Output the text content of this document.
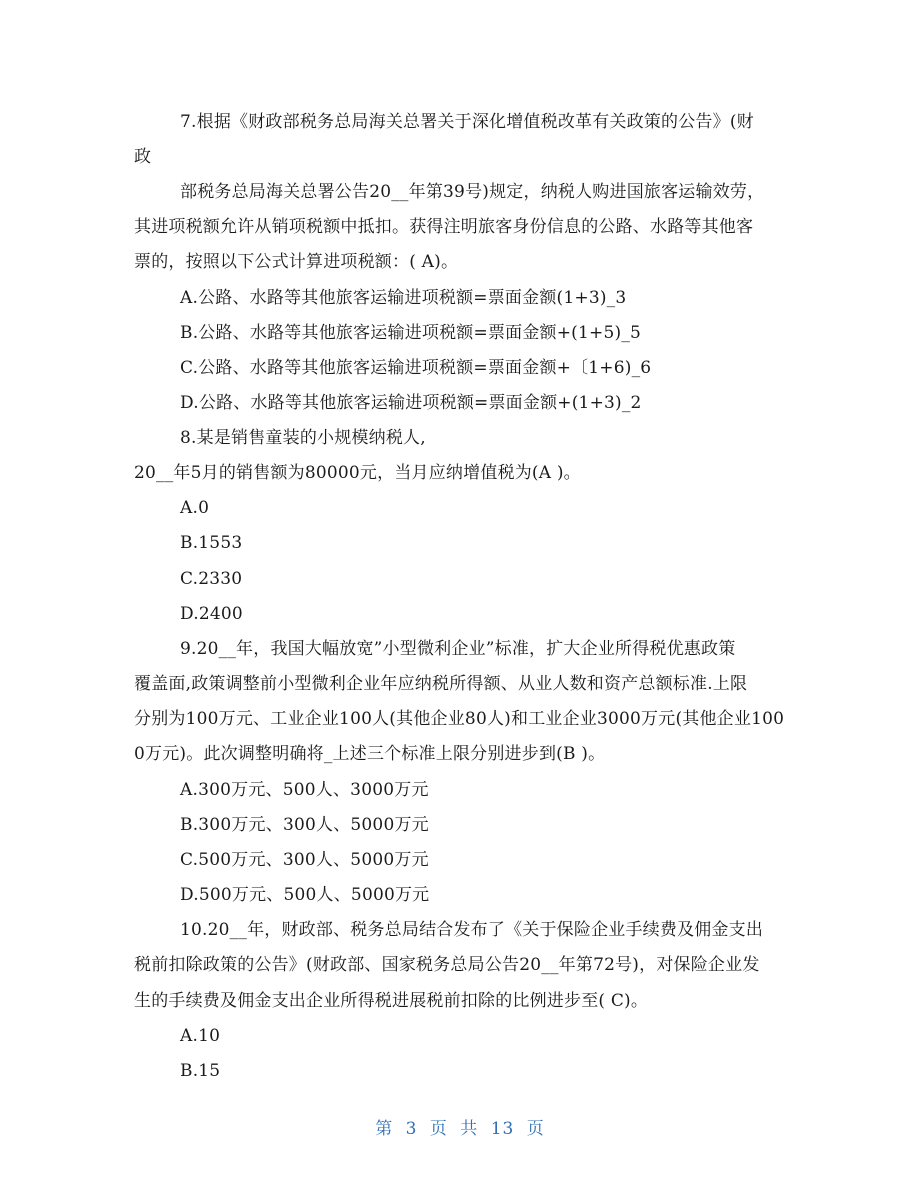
7.根据《财政部税务总局海关总署关于深化增值税改革有关政策的公告》(财
政
部税务总局海关总署公告20__年第39号)规定，纳税人购进国旅客运输效劳，
其进项税额允许从销项税额中抵扣。获得注明旅客身份信息的公路、水路等其他客
票的，按照以下公式计算进项税额：( A)。
A.公路、水路等其他旅客运输进项税额=票面金额(1+3)_3
B.公路、水路等其他旅客运输进项税额=票面金额+(1+5)_5
C.公路、水路等其他旅客运输进项税额=票面金额+〔1+6)_6
D.公路、水路等其他旅客运输进项税额=票面金额+(1+3)_2
8.某是销售童装的小规模纳税人,
20__年5月的销售额为80000元，当月应纳增值税为(A )。
A.0
B.1553
C.2330
D.2400
9.20__年，我国大幅放宽”小型微利企业”标准，扩大企业所得税优惠政策
覆盖面,政策调整前小型微利企业年应纳税所得额、从业人数和资产总额标准.上限
分别为100万元、工业企业100人(其他企业80人)和工业企业3000万元(其他企业100
0万元)。此次调整明确将_上述三个标准上限分别进步到(B )。
A.300万元、500人、3000万元
B.300万元、300人、5000万元
C.500万元、300人、5000万元
D.500万元、500人、5000万元
10.20__年，财政部、税务总局结合发布了《关于保险企业手续费及佣金支出
税前扣除政策的公告》(财政部、国家税务总局公告20__年第72号)，对保险企业发
生的手续费及佣金支出企业所得税进展税前扣除的比例进步至( C)。
A.10
B.15
第 3 页 共 13 页
